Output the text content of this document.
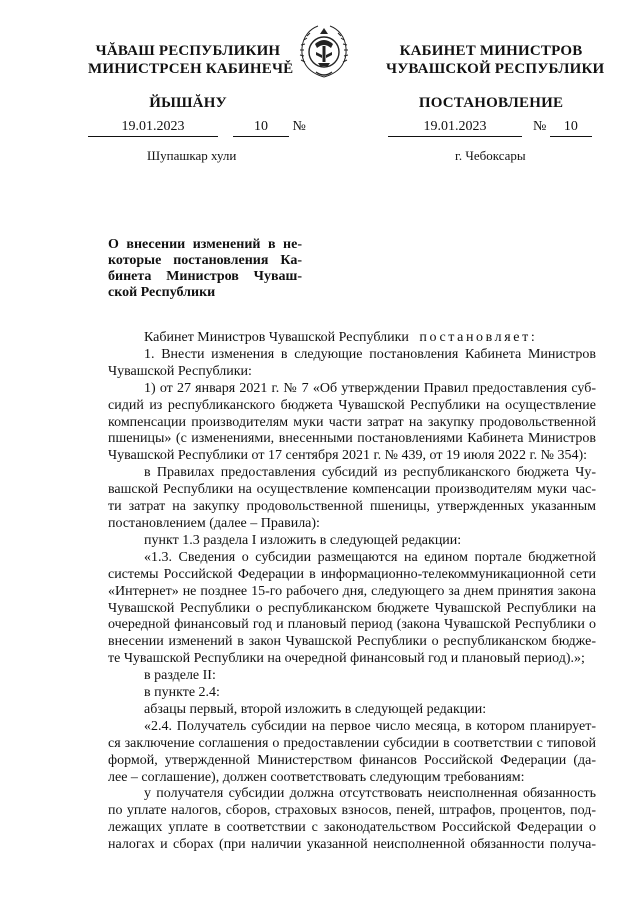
ЧĂВАШ РЕСПУБЛИКИН
МИНИСТРСЕН КАБИНЕЧĚ
ЙЫШĂНУ
КАБИНЕТ МИНИСТРОВ
ЧУВАШСКОЙ РЕСПУБЛИКИ
ПОСТАНОВЛЕНИЕ
19.01.2023	10 №	19.01.2023	№ 10
Шупашкар хули	г. Чебоксары
О внесении изменений в не-
которые постановления Ка-
бинета Министров Чуваш-
ской Республики

Кабинет Министров Чувашской Республики постановляет:

1. Внести изменения в следующие постановления Кабинета Министров

Чувашской Республики:

1) от 27 января 2021 г. № 7 «Об утверждении Правил предоставления суб-

сидий из республиканского бюджета Чувашской Республики на осуществление

компенсации производителям муки части затрат на закупку продовольственной

пшеницы» (с изменениями, внесенными постановлениями Кабинета Министров

Чувашской Республики от 17 сентября 2021 г. № 439, от 19 июля 2022 г. № 354):

в Правилах предоставления субсидий из республиканского бюджета Чу-

вашской Республики на осуществление компенсации производителям муки час-

ти затрат на закупку продовольственной пшеницы, утвержденных указанным

постановлением (далее – Правила):

пункт 1.3 раздела I изложить в следующей редакции:

«1.3. Сведения о субсидии размещаются на едином портале бюджетной

системы Российской Федерации в информационно-телекоммуникационной сети

«Интернет» не позднее 15-го рабочего дня, следующего за днем принятия закона

Чувашской Республики о республиканском бюджете Чувашской Республики на

очередной финансовый год и плановый период (закона Чувашской Республики о

внесении изменений в закон Чувашской Республики о республиканском бюдже-

те Чувашской Республики на очередной финансовый год и плановый период).»;

в разделе II:

в пункте 2.4:

абзацы первый, второй изложить в следующей редакции:

«2.4. Получатель субсидии на первое число месяца, в котором планирует-

ся заключение соглашения о предоставлении субсидии в соответствии с типовой

формой, утвержденной Министерством финансов Российской Федерации (да-

лее – соглашение), должен соответствовать следующим требованиям:

у получателя субсидии должна отсутствовать неисполненная обязанность

по уплате налогов, сборов, страховых взносов, пеней, штрафов, процентов, под-

лежащих уплате в соответствии с законодательством Российской Федерации о

налогах и сборах (при наличии указанной неисполненной обязанности получа-
